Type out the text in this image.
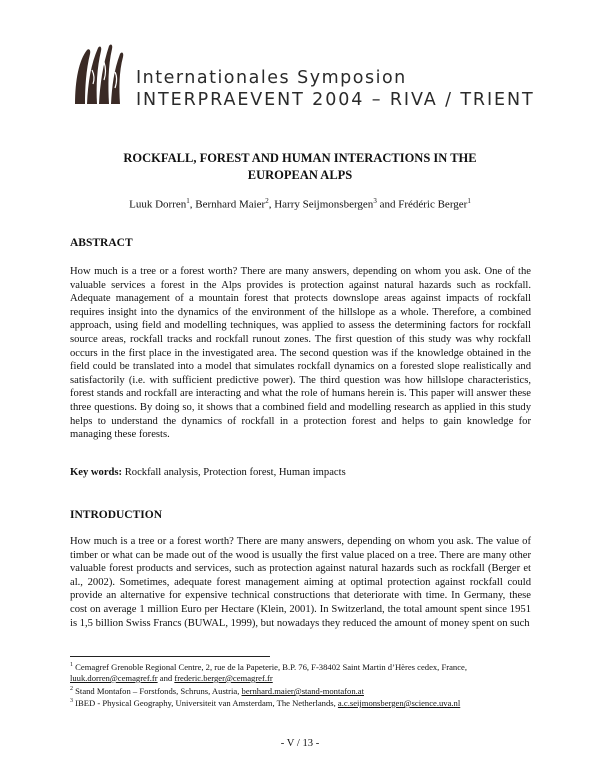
Internationales Symposion
INTERPRAEVENT 2004 – RIVA / TRIENT
ROCKFALL, FOREST AND HUMAN INTERACTIONS IN THE
EUROPEAN ALPS
Luuk Dorren$^1$, Bernhard Maier$^2$, Harry Seijmonsbergen$^3$ and Frédéric Berger$^1$
ABSTRACT

How much is a tree or a forest worth? There are many answers, depending on whom you ask. One of the valuable services a forest in the Alps provides is protection against natural hazards such as rockfall. Adequate management of a mountain forest that protects downslope areas against impacts of rockfall requires insight into the dynamics of the environment of the hillslope as a whole. Therefore, a combined approach, using field and modelling techniques, was applied to assess the determining factors for rockfall source areas, rockfall tracks and rockfall runout zones. The first question of this study was why rockfall occurs in the first place in the investigated area. The second question was if the knowledge obtained in the field could be translated into a model that simulates rockfall dynamics on a forested slope realistically and satisfactorily (i.e. with sufficient predictive power). The third question was how hillslope characteristics, forest stands and rockfall are interacting and what the role of humans herein is. This paper will answer these three questions. By doing so, it shows that a combined field and modelling research as applied in this study helps to understand the dynamics of rockfall in a protection forest and helps to gain knowledge for managing these forests.

Key words: Rockfall analysis, Protection forest, Human impacts
INTRODUCTION

How much is a tree or a forest worth? There are many answers, depending on whom you ask. The value of timber or what can be made out of the wood is usually the first value placed on a tree. There are many other valuable forest products and services, such as protection against natural hazards such as rockfall (Berger et al., 2002). Sometimes, adequate forest management aiming at optimal protection against rockfall could provide an alternative for expensive technical constructions that deteriorate with time. In Germany, these cost on average 1 million Euro per Hectare (Klein, 2001). In Switzerland, the total amount spent since 1951 is 1,5 billion Swiss Francs (BUWAL, 1999), but nowadays they reduced the amount of money spent on such

$^1$ Cemagref Grenoble Regional Centre, 2, rue de la Papeterie, B.P. 76, F-38402 Saint Martin d’Hères cedex, France, luuk.dorren@cemagref.fr and frederic.berger@cemagref.fr

$^2$ Stand Montafon – Forstfonds, Schruns, Austria, bernhard.maier@stand-montafon.at

$^3$ IBED - Physical Geography, Universiteit van Amsterdam, The Netherlands, a.c.seijmonsbergen@science.uva.nl

- V / 13 -
